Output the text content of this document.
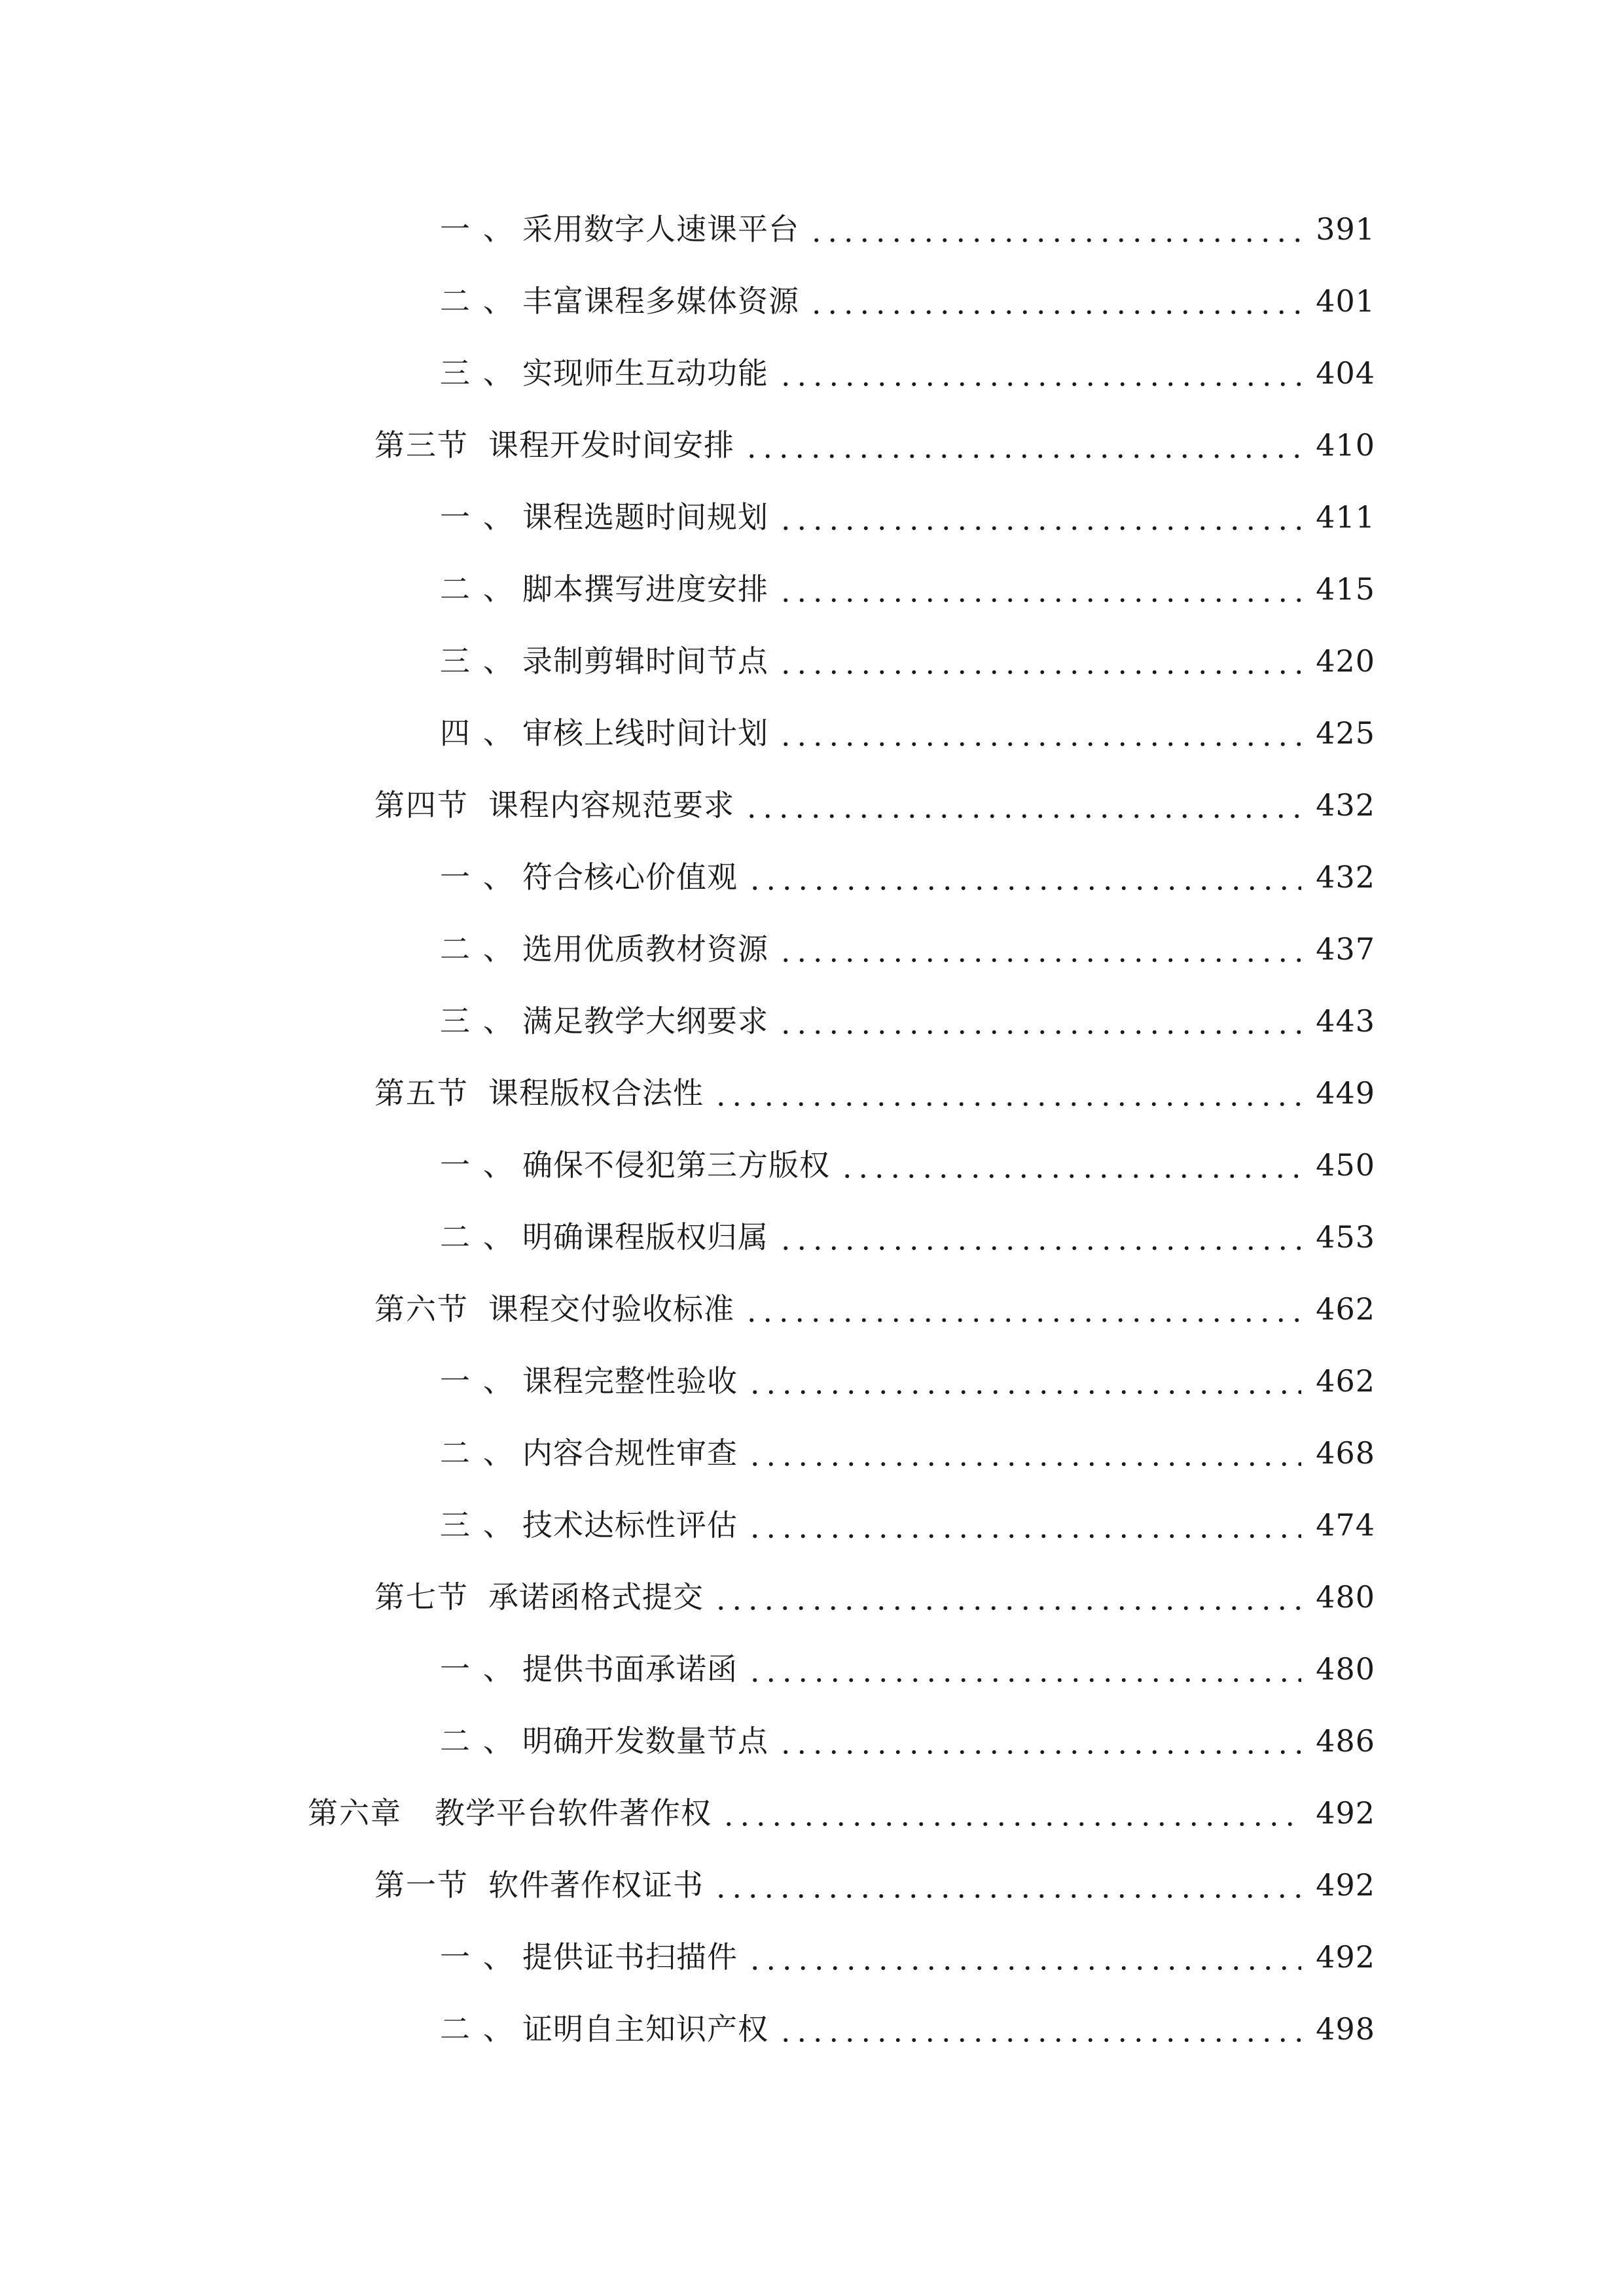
一 、 采用数字人速课平台	391
二 、 丰富课程多媒体资源	401
三 、 实现师生互动功能	404
第三节 课程开发时间安排	410
一 、 课程选题时间规划	411
二 、 脚本撰写进度安排	415
三 、 录制剪辑时间节点	420
四 、 审核上线时间计划	425
第四节 课程内容规范要求	432
一 、 符合核心价值观	432
二 、 选用优质教材资源	437
三 、 满足教学大纲要求	443
第五节 课程版权合法性	449
一 、 确保不侵犯第三方版权	450
二 、 明确课程版权归属	453
第六节 课程交付验收标准	462
一 、 课程完整性验收	462
二 、 内容合规性审查	468
三 、 技术达标性评估	474
第七节 承诺函格式提交	480
一 、 提供书面承诺函	480
二 、 明确开发数量节点	486
第六章	教学平台软件著作权	492
第一节 软件著作权证书	492
一 、 提供证书扫描件	492
二 、 证明自主知识产权	498
